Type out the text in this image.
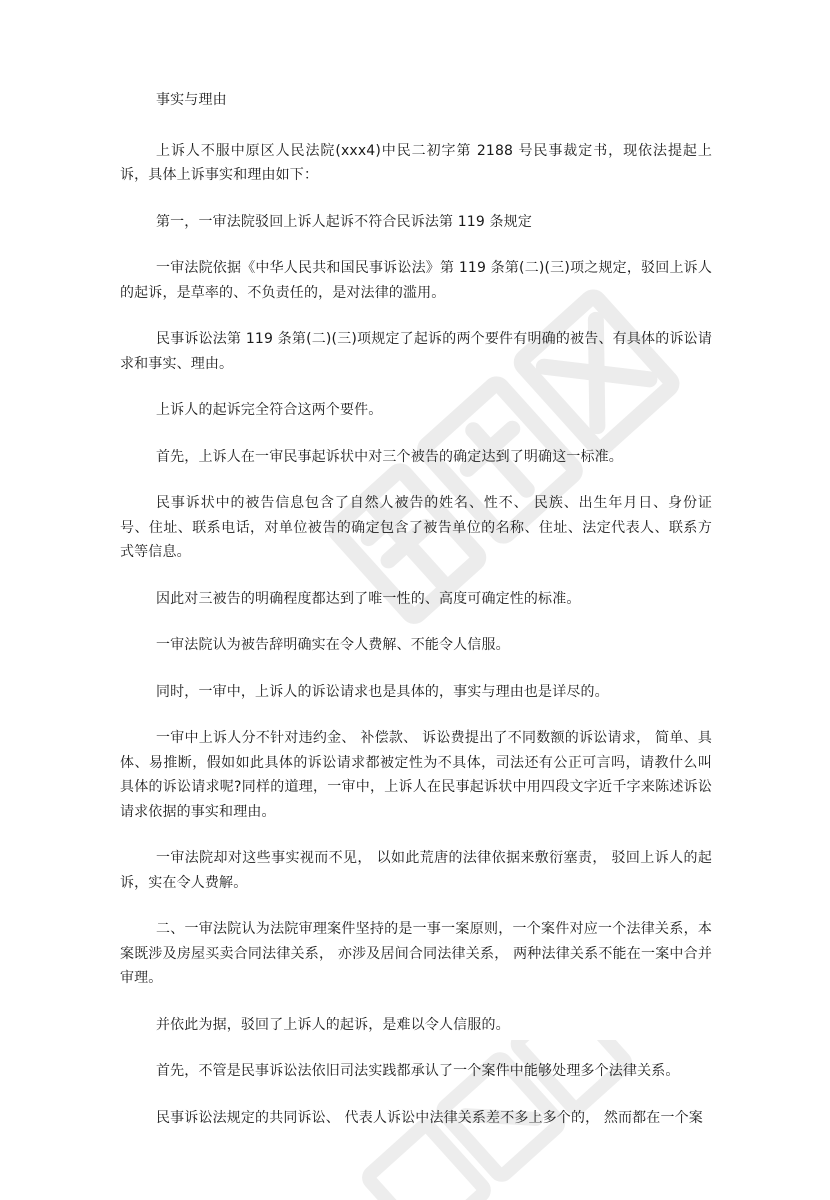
事实与理由

上诉人不服中原区人民法院(xxx4)中民二初字第 2188 号民事裁定书，现依法提起上诉，具体上诉事实和理由如下：

第一，一审法院驳回上诉人起诉不符合民诉法第 119 条规定

一审法院依据《中华人民共和国民事诉讼法》第 119 条第(二)(三)项之规定，驳回上诉人的起诉，是草率的、不负责任的，是对法律的滥用。

民事诉讼法第 119 条第(二)(三)项规定了起诉的两个要件有明确的被告、有具体的诉讼请求和事实、理由。

上诉人的起诉完全符合这两个要件。

首先，上诉人在一审民事起诉状中对三个被告的确定达到了明确这一标准。

民事诉状中的被告信息包含了自然人被告的姓名、性不、 民族、出生年月日、身份证号、住址、联系电话，对单位被告的确定包含了被告单位的名称、住址、法定代表人、联系方式等信息。

因此对三被告的明确程度都达到了唯一性的、高度可确定性的标准。

一审法院认为被告辞明确实在令人费解、不能令人信服。

同时，一审中，上诉人的诉讼请求也是具体的，事实与理由也是详尽的。

一审中上诉人分不针对违约金、 补偿款、 诉讼费提出了不同数额的诉讼请求， 简单、具体、易推断，假如如此具体的诉讼请求都被定性为不具体，司法还有公正可言吗，请教什么叫具体的诉讼请求呢?同样的道理，一审中，上诉人在民事起诉状中用四段文字近千字来陈述诉讼请求依据的事实和理由。

一审法院却对这些事实视而不见， 以如此荒唐的法律依据来敷衍塞责， 驳回上诉人的起诉，实在令人费解。

二、一审法院认为法院审理案件坚持的是一事一案原则，一个案件对应一个法律关系，本案既涉及房屋买卖合同法律关系， 亦涉及居间合同法律关系， 两种法律关系不能在一案中合并审理。

并依此为据，驳回了上诉人的起诉，是难以令人信服的。

首先，不管是民事诉讼法依旧司法实践都承认了一个案件中能够处理多个法律关系。

民事诉讼法规定的共同诉讼、 代表人诉讼中法律关系差不多上多个的， 然而都在一个案
